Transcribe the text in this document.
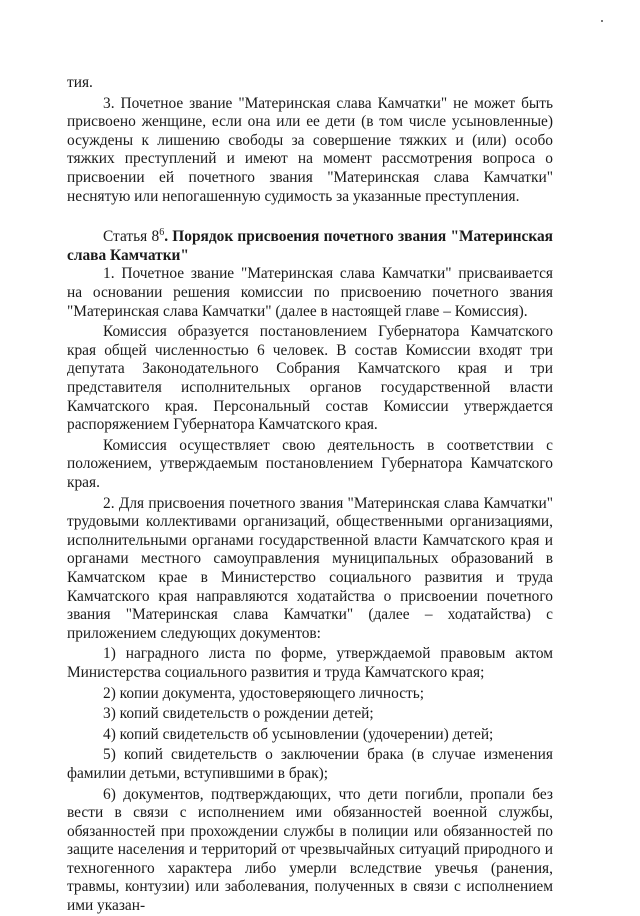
тия.

3. Почетное звание "Материнская слава Камчатки" не может быть присвоено женщине, если она или ее дети (в том числе усыновленные) осуждены к лишению свободы за совершение тяжких и (или) особо тяжких преступлений и имеют на момент рассмотрения вопроса о присвоении ей почетного звания "Материнская слава Камчатки" неснятую или непогашенную судимость за указанные преступления.

Статья $8^6$. Порядок присвоения почетного звания "Материнская слава Камчатки"

1. Почетное звание "Материнская слава Камчатки" присваивается на основании решения комиссии по присвоению почетного звания "Материнская слава Камчатки" (далее в настоящей главе – Комиссия).

Комиссия образуется постановлением Губернатора Камчатского края общей численностью 6 человек. В состав Комиссии входят три депутата Законодательного Собрания Камчатского края и три представителя исполнительных органов государственной власти Камчатского края. Персональный состав Комиссии утверждается распоряжением Губернатора Камчатского края.

Комиссия осуществляет свою деятельность в соответствии с положением, утверждаемым постановлением Губернатора Камчатского края.

2. Для присвоения почетного звания "Материнская слава Камчатки" трудовыми коллективами организаций, общественными организациями, исполнительными органами государственной власти Камчатского края и органами местного самоуправления муниципальных образований в Камчатском крае в Министерство социального развития и труда Камчатского края направляются ходатайства о присвоении почетного звания "Материнская слава Камчатки" (далее – ходатайства) с приложением следующих документов:

1) наградного листа по форме, утверждаемой правовым актом Министерства социального развития и труда Камчатского края;

2) копии документа, удостоверяющего личность;

3) копий свидетельств о рождении детей;

4) копий свидетельств об усыновлении (удочерении) детей;

5) копий свидетельств о заключении брака (в случае изменения фамилии детьми, вступившими в брак);

6) документов, подтверждающих, что дети погибли, пропали без вести в связи с исполнением ими обязанностей военной службы, обязанностей при прохождении службы в полиции или обязанностей по защите населения и территорий от чрезвычайных ситуаций природного и техногенного характера либо умерли вследствие увечья (ранения, травмы, контузии) или заболевания, полученных в связи с исполнением ими указан-
